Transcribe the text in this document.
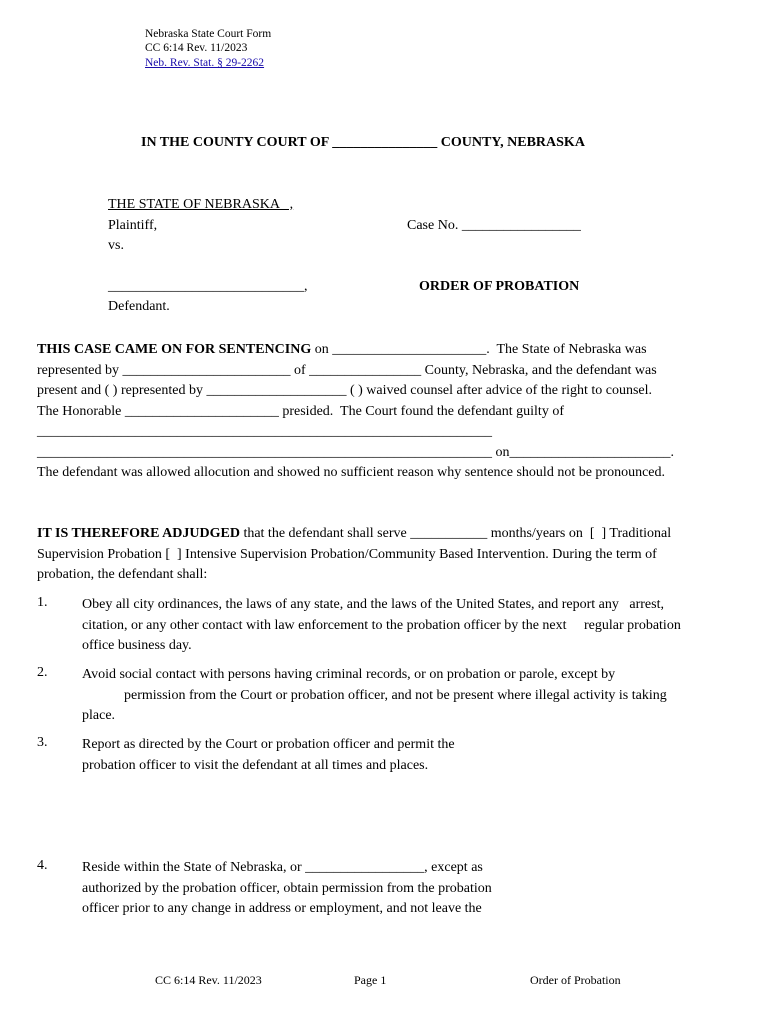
Nebraska State Court Form
CC 6:14 Rev. 11/2023
Neb. Rev. Stat. § 29-2262
IN THE COUNTY COURT OF _______________ COUNTY, NEBRASKA
THE STATE OF NEBRASKA   ,
Plaintiff,	Case No. _________________
vs.
____________________________,	ORDER OF PROBATION
Defendant.
THIS CASE CAME ON FOR SENTENCING on ______________________.  The State of Nebraska was
represented by ________________________ of ________________ County, Nebraska, and the defendant was
present and ( ) represented by ____________________ ( ) waived counsel after advice of the right to counsel.
The Honorable ______________________ presided.  The Court found the defendant guilty of
_________________________________________________________________
_________________________________________________________________ on_______________________.
The defendant was allowed allocution and showed no sufficient reason why sentence should not be pronounced.
IT IS THEREFORE ADJUDGED that the defendant shall serve ___________ months/years on  [  ] Traditional
Supervision Probation [  ] Intensive Supervision Probation/Community Based Intervention. During the term of
probation, the defendant shall:
1. Obey all city ordinances, the laws of any state, and the laws of the United States, and report any   arrest,
citation, or any other contact with law enforcement to the probation officer by the next     regular probation
office business day.
2. Avoid social contact with persons having criminal records, or on probation or parole, except by
permission from the Court or probation officer, and not be present where illegal activity is taking
place.
3. Report as directed by the Court or probation officer and permit the
probation officer to visit the defendant at all times and places.
4. Reside within the State of Nebraska, or _________________, except as
authorized by the probation officer, obtain permission from the probation
officer prior to any change in address or employment, and not leave the
CC 6:14 Rev. 11/2023	Page 1	Order of Probation
